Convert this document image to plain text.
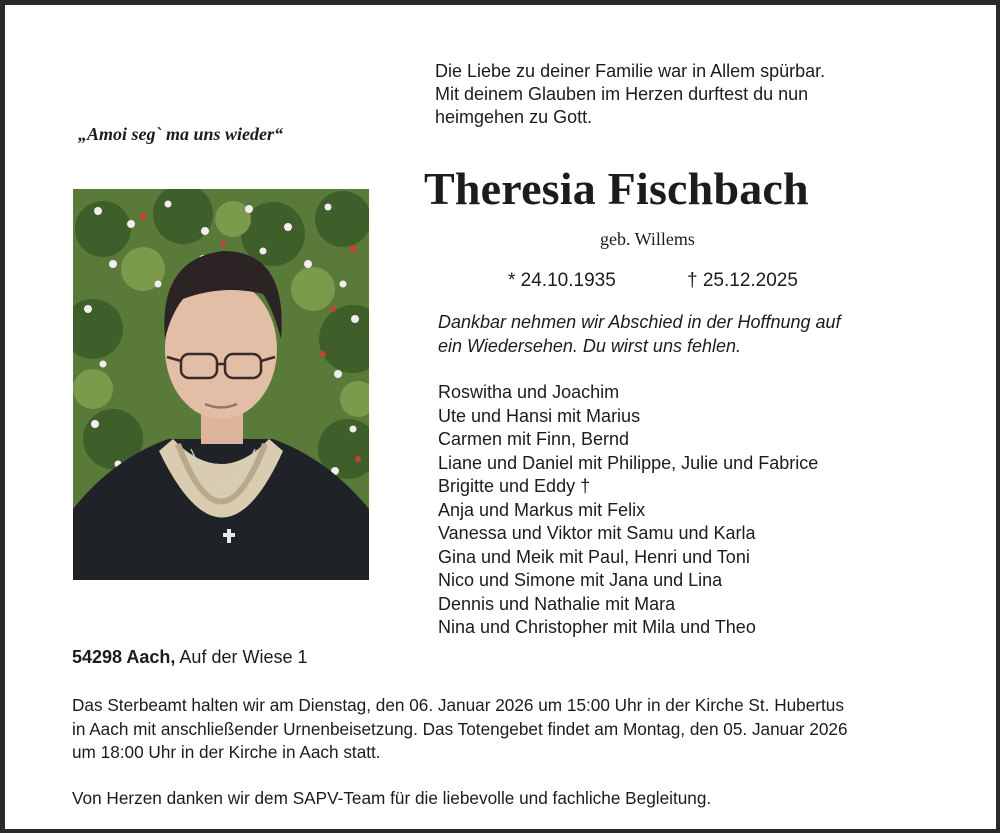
Die Liebe zu deiner Familie war in Allem spürbar.
Mit deinem Glauben im Herzen durftest du nun
heimgehen zu Gott.
„Amoi seg` ma uns wieder“
Theresia Fischbach
geb. Willems
* 24.10.1935	† 25.12.2025
Dankbar nehmen wir Abschied in der Hoffnung auf
ein Wiedersehen. Du wirst uns fehlen.
Roswitha und Joachim
Ute und Hansi mit Marius
Carmen mit Finn, Bernd
Liane und Daniel mit Philippe, Julie und Fabrice
Brigitte und Eddy †
Anja und Markus mit Felix
Vanessa und Viktor mit Samu und Karla
Gina und Meik mit Paul, Henri und Toni
Nico und Simone mit Jana und Lina
Dennis und Nathalie mit Mara
Nina und Christopher mit Mila und Theo
54298 Aach, Auf der Wiese 1
Das Sterbeamt halten wir am Dienstag, den 06. Januar 2026 um 15:00 Uhr in der Kirche St. Hubertus
in Aach mit anschließender Urnenbeisetzung. Das Totengebet findet am Montag, den 05. Januar 2026
um 18:00 Uhr in der Kirche in Aach statt.
Von Herzen danken wir dem SAPV-Team für die liebevolle und fachliche Begleitung.
